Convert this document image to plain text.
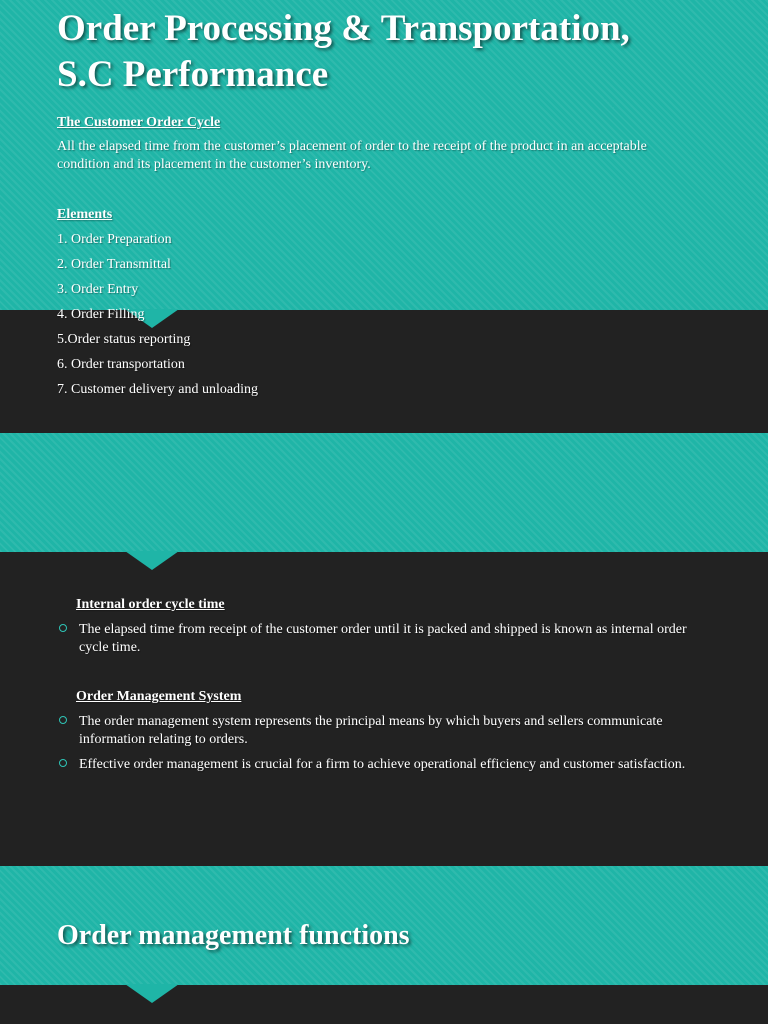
Order Processing & Transportation,
S.C Performance
The Customer Order Cycle
All the elapsed time from the customer’s placement of order to the receipt of the product in an acceptable
condition and its placement in the customer’s inventory.
Elements
1. Order Preparation
2. Order Transmittal
3. Order Entry
4. Order Filling
5.Order status reporting
6. Order transportation
7. Customer delivery and unloading
Internal order cycle time
The elapsed time from receipt of the customer order until it is packed and shipped is known as internal order
cycle time.
Order Management System
The order management system represents the principal means by which buyers and sellers communicate
information relating to orders.
Effective order management is crucial for a firm to achieve operational efficiency and customer satisfaction.
Order management functions
